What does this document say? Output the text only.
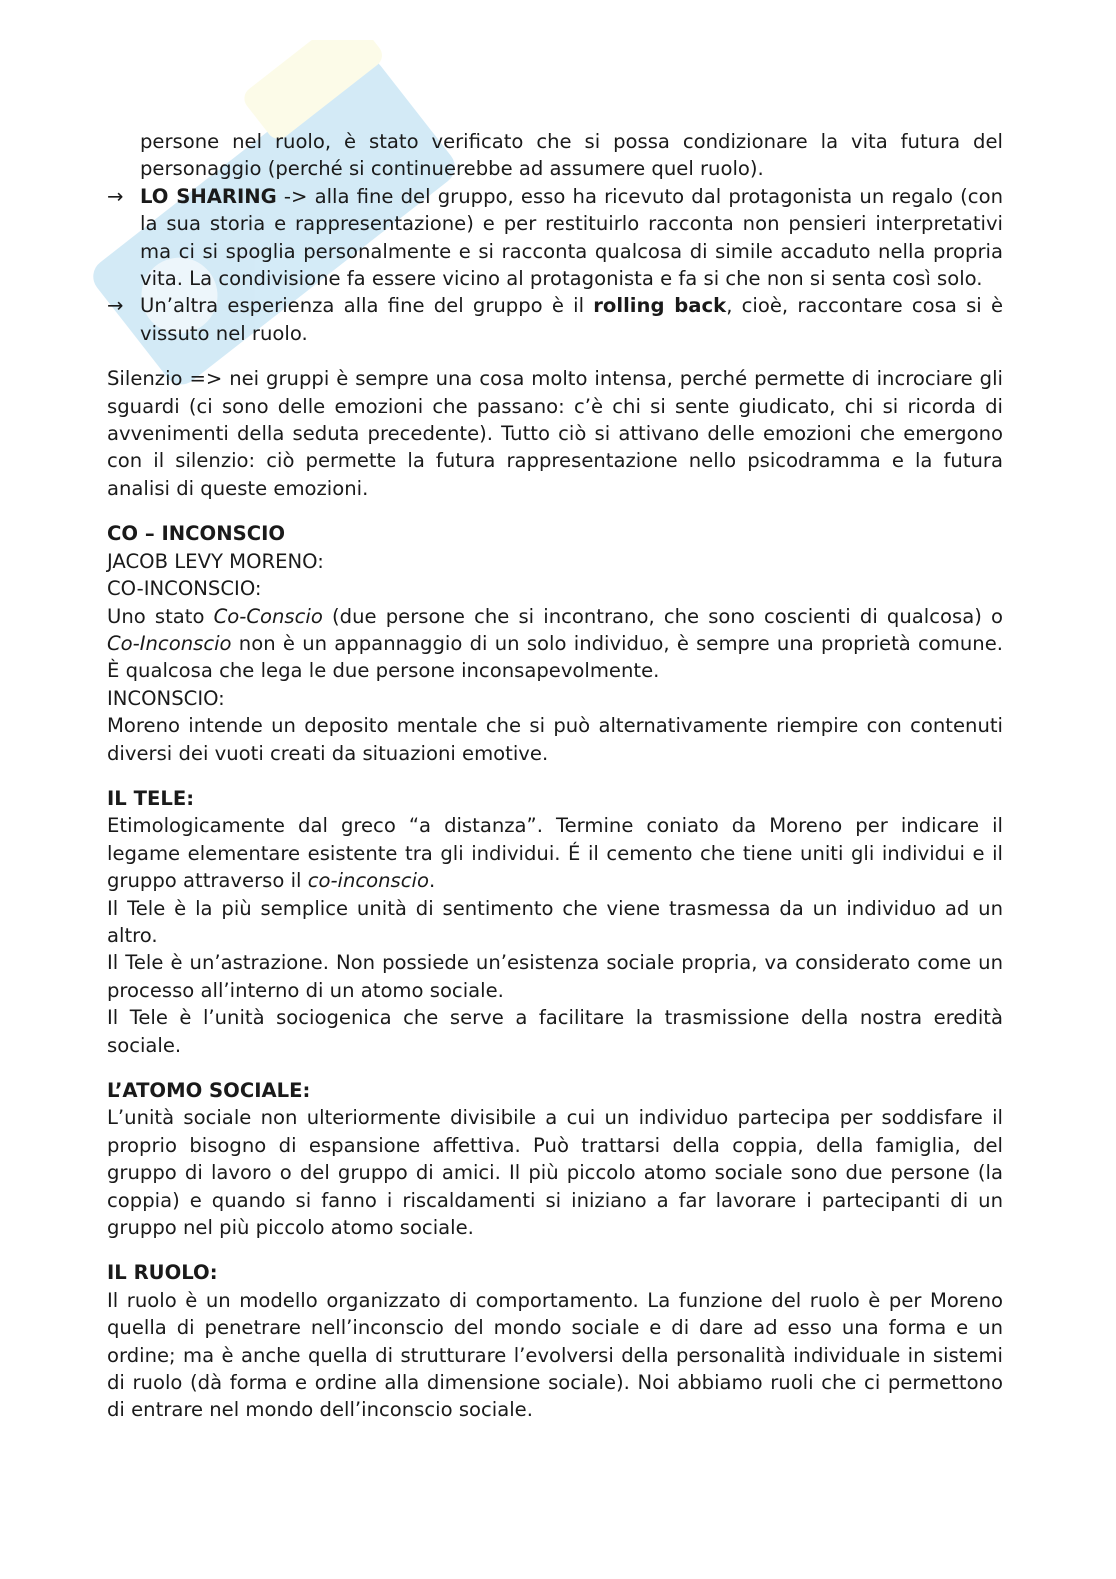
persone nel ruolo, è stato verificato che si possa condizionare la vita futura del personaggio (perché si continuerebbe ad assumere quel ruolo).

→ LO SHARING -> alla fine del gruppo, esso ha ricevuto dal protagonista un regalo (con la sua storia e rappresentazione) e per restituirlo racconta non pensieri interpretativi ma ci si spoglia personalmente e si racconta qualcosa di simile accaduto nella propria vita. La condivisione fa essere vicino al protagonista e fa si che non si senta così solo.
→ Un’altra esperienza alla fine del gruppo è il rolling back, cioè, raccontare cosa si è vissuto nel ruolo.

Silenzio => nei gruppi è sempre una cosa molto intensa, perché permette di incrociare gli sguardi (ci sono delle emozioni che passano: c’è chi si sente giudicato, chi si ricorda di avvenimenti della seduta precedente). Tutto ciò si attivano delle emozioni che emergono con il silenzio: ciò permette la futura rappresentazione nello psicodramma e la futura analisi di queste emozioni.

CO – INCONSCIO

JACOB LEVY MORENO:

CO-INCONSCIO:

Uno stato Co-Conscio (due persone che si incontrano, che sono coscienti di qualcosa) o Co-Inconscio non è un appannaggio di un solo individuo, è sempre una proprietà comune. È qualcosa che lega le due persone inconsapevolmente.

INCONSCIO:

Moreno intende un deposito mentale che si può alternativamente riempire con contenuti diversi dei vuoti creati da situazioni emotive.

IL TELE:

Etimologicamente dal greco “a distanza”. Termine coniato da Moreno per indicare il legame elementare esistente tra gli individui. É il cemento che tiene uniti gli individui e il gruppo attraverso il co-inconscio.

Il Tele è la più semplice unità di sentimento che viene trasmessa da un individuo ad un altro.

Il Tele è un’astrazione. Non possiede un’esistenza sociale propria, va considerato come un processo all’interno di un atomo sociale.

Il Tele è l’unità sociogenica che serve a facilitare la trasmissione della nostra eredità sociale.

L’ATOMO SOCIALE:

L’unità sociale non ulteriormente divisibile a cui un individuo partecipa per soddisfare il proprio bisogno di espansione affettiva. Può trattarsi della coppia, della famiglia, del gruppo di lavoro o del gruppo di amici. Il più piccolo atomo sociale sono due persone (la coppia) e quando si fanno i riscaldamenti si iniziano a far lavorare i partecipanti di un gruppo nel più piccolo atomo sociale.

IL RUOLO:

Il ruolo è un modello organizzato di comportamento. La funzione del ruolo è per Moreno quella di penetrare nell’inconscio del mondo sociale e di dare ad esso una forma e un ordine; ma è anche quella di strutturare l’evolversi della personalità individuale in sistemi di ruolo (dà forma e ordine alla dimensione sociale). Noi abbiamo ruoli che ci permettono di entrare nel mondo dell’inconscio sociale.
